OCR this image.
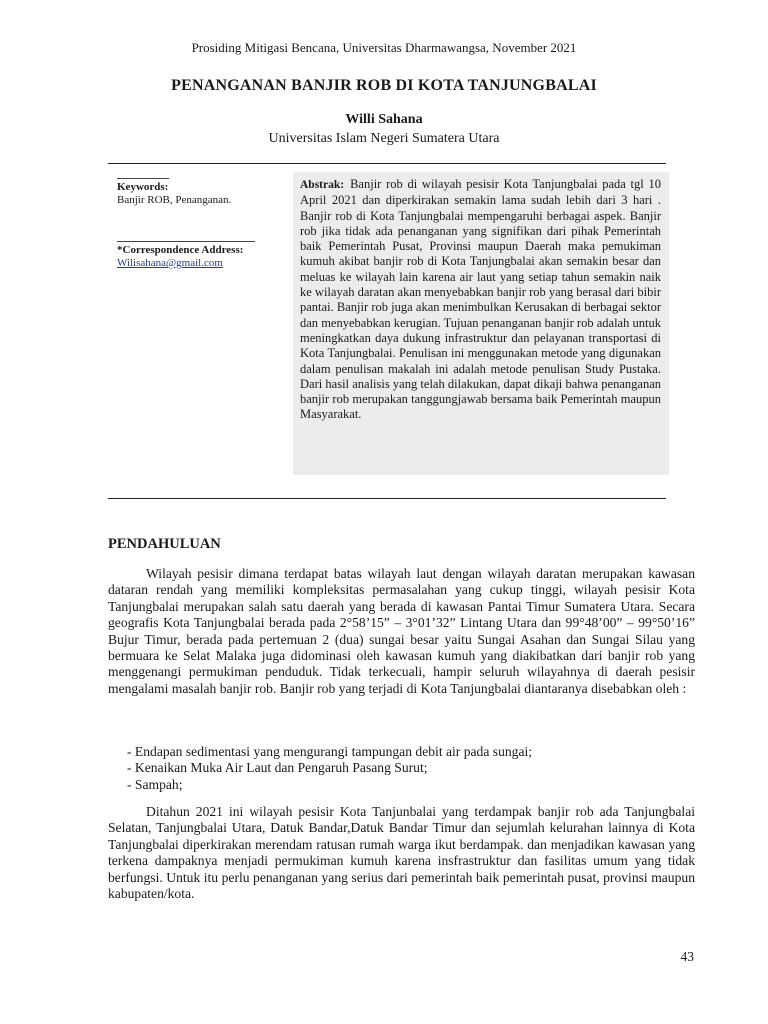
Prosiding Mitigasi Bencana, Universitas Dharmawangsa, November 2021
PENANGANAN BANJIR ROB DI KOTA TANJUNGBALAI
Willi Sahana
Universitas Islam Negeri Sumatera Utara
Keywords:
Banjir ROB, Penanganan.
*Correspondence Address:
Wilisahana@gmail.com
Abstrak: Banjir rob di wilayah pesisir Kota Tanjungbalai pada tgl 10 April 2021 dan diperkirakan semakin lama sudah lebih dari 3 hari . Banjir rob di Kota Tanjungbalai mempengaruhi berbagai aspek. Banjir rob jika tidak ada penanganan yang signifikan dari pihak Pemerintah baik Pemerintah Pusat, Provinsi maupun Daerah maka pemukiman kumuh akibat banjir rob di Kota Tanjungbalai akan semakin besar dan meluas ke wilayah lain karena air laut yang setiap tahun semakin naik ke wilayah daratan akan menyebabkan banjir rob yang berasal dari bibir pantai. Banjir rob juga akan menimbulkan Kerusakan di berbagai sektor dan menyebabkan kerugian. Tujuan penanganan banjir rob adalah untuk meningkatkan daya dukung infrastruktur dan pelayanan transportasi di Kota Tanjungbalai. Penulisan ini menggunakan metode yang digunakan dalam penulisan makalah ini adalah metode penulisan Study Pustaka. Dari hasil analisis yang telah dilakukan, dapat dikaji bahwa penanganan banjir rob merupakan tanggungjawab bersama baik Pemerintah maupun Masyarakat.
PENDAHULUAN

Wilayah pesisir dimana terdapat batas wilayah laut dengan wilayah daratan merupakan kawasan dataran rendah yang memiliki kompleksitas permasalahan yang cukup tinggi, wilayah pesisir Kota Tanjungbalai merupakan salah satu daerah yang berada di kawasan Pantai Timur Sumatera Utara. Secara geografis Kota Tanjungbalai berada pada 2°58’15” – 3°01’32” Lintang Utara dan 99°48’00” – 99°50’16” Bujur Timur, berada pada pertemuan 2 (dua) sungai besar yaitu Sungai Asahan dan Sungai Silau yang bermuara ke Selat Malaka juga didominasi oleh kawasan kumuh yang diakibatkan dari banjir rob yang menggenangi permukiman penduduk. Tidak terkecuali, hampir seluruh wilayahnya di daerah pesisir mengalami masalah banjir rob. Banjir rob yang terjadi di Kota Tanjungbalai diantaranya disebabkan oleh :

- Endapan sedimentasi yang mengurangi tampungan debit air pada sungai;
- Kenaikan Muka Air Laut dan Pengaruh Pasang Surut;
- Sampah;

Ditahun 2021 ini wilayah pesisir Kota Tanjunbalai yang terdampak banjir rob ada Tanjungbalai Selatan, Tanjungbalai Utara, Datuk Bandar,Datuk Bandar Timur dan sejumlah kelurahan lainnya di Kota Tanjungbalai diperkirakan merendam ratusan rumah warga ikut berdampak. dan menjadikan kawasan yang terkena dampaknya menjadi permukiman kumuh karena insfrastruktur dan fasilitas umum yang tidak berfungsi. Untuk itu perlu penanganan yang serius dari pemerintah baik pemerintah pusat, provinsi maupun kabupaten/kota.

43
